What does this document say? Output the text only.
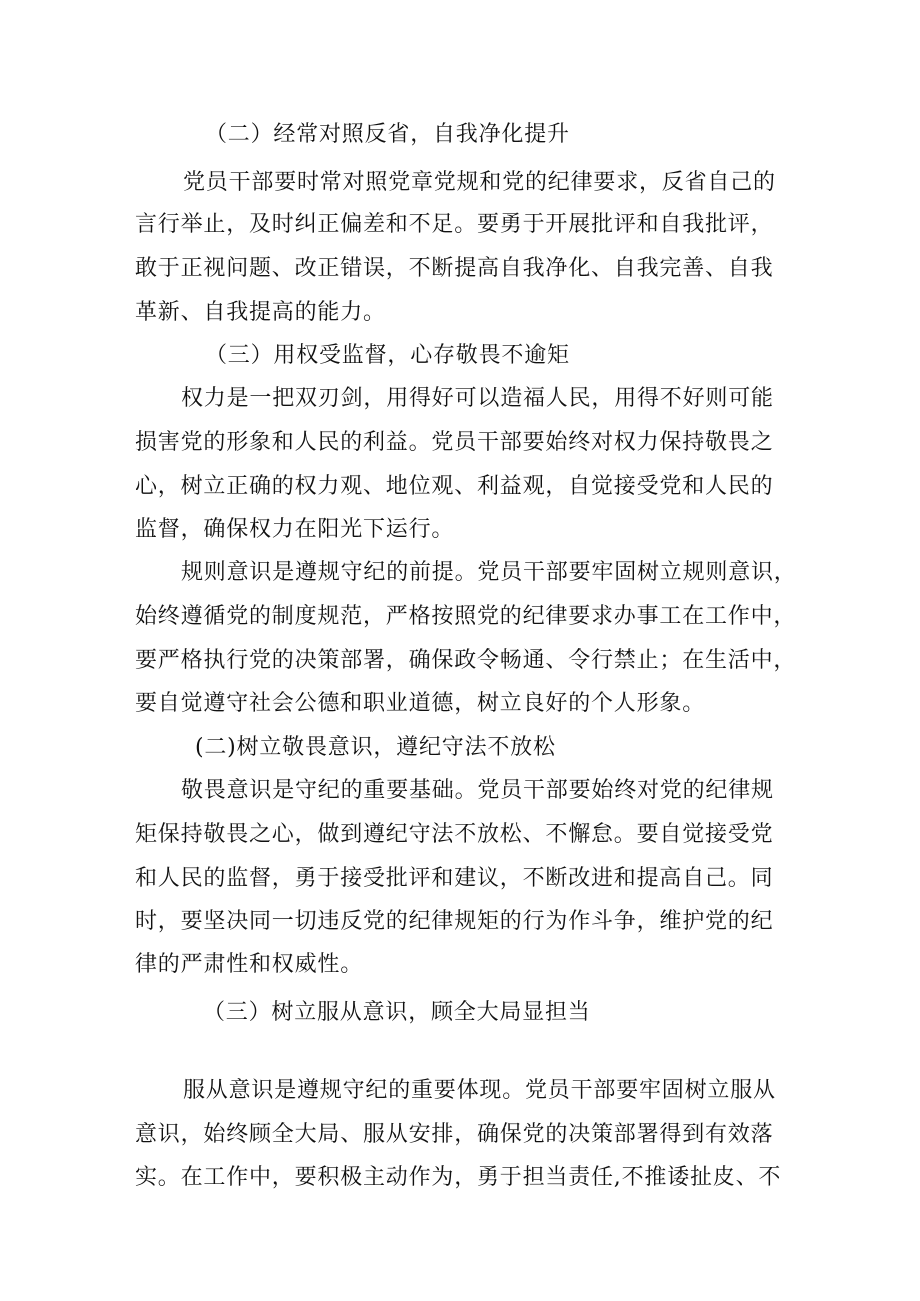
（二）经常对照反省，自我净化提升
党员干部要时常对照党章党规和党的纪律要求，反省自己的
言行举止，及时纠正偏差和不足。要勇于开展批评和自我批评，
敢于正视问题、改正错误，不断提高自我净化、自我完善、自我
革新、自我提高的能力。
（三）用权受监督，心存敬畏不逾矩
权力是一把双刃剑，用得好可以造福人民，用得不好则可能
损害党的形象和人民的利益。党员干部要始终对权力保持敬畏之
心，树立正确的权力观、地位观、利益观，自觉接受党和人民的
监督，确保权力在阳光下运行。
规则意识是遵规守纪的前提。党员干部要牢固树立规则意识，
始终遵循党的制度规范，严格按照党的纪律要求办事工在工作中，
要严格执行党的决策部署，确保政令畅通、令行禁止；在生活中，
要自觉遵守社会公德和职业道德，树立良好的个人形象。
(二)树立敬畏意识，遵纪守法不放松
敬畏意识是守纪的重要基础。党员干部要始终对党的纪律规
矩保持敬畏之心，做到遵纪守法不放松、不懈怠。要自觉接受党
和人民的监督，勇于接受批评和建议，不断改进和提高自己。同
时，要坚决同一切违反党的纪律规矩的行为作斗争，维护党的纪
律的严肃性和权威性。
（三）树立服从意识，顾全大局显担当
服从意识是遵规守纪的重要体现。党员干部要牢固树立服从
意识，始终顾全大局、服从安排，确保党的决策部署得到有效落
实。在工作中，要积极主动作为，勇于担当责任,不推诿扯皮、不
